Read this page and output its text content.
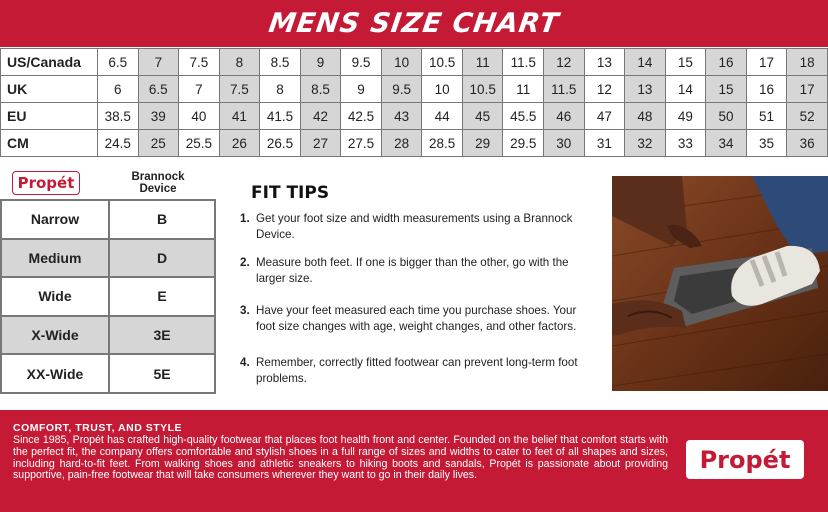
MENS SIZE CHART
US/Canada	6.5	7	7.5	8	8.5	9	9.5	10	10.5	11	11.5	12	13	14	15	16	17	18
UK	6	6.5	7	7.5	8	8.5	9	9.5	10	10.5	11	11.5	12	13	14	15	16	17
EU	38.5	39	40	41	41.5	42	42.5	43	44	45	45.5	46	47	48	49	50	51	52
CM	24.5	25	25.5	26	26.5	27	27.5	28	28.5	29	29.5	30	31	32	33	34	35	36
Propét	Brannock Device
Narrow	B
Medium	D
Wide	E
X-Wide	3E
XX-Wide	5E
FIT TIPS
1. Get your foot size and width measurements using a Brannock Device.
2. Measure both feet. If one is bigger than the other, go with the larger size.
3. Have your feet measured each time you purchase shoes. Your foot size changes with age, weight changes, and other factors.
4. Remember, correctly fitted footwear can prevent long-term foot problems.
COMFORT, TRUST, AND STYLE
Since 1985, Propét has crafted high-quality footwear that places foot health front and center. Founded on the belief that comfort starts with the perfect fit, the company offers comfortable and stylish shoes in a full range of sizes and widths to cater to feet of all shapes and sizes, including hard-to-fit feet. From walking shoes and athletic sneakers to hiking boots and sandals, Propét is passionate about providing supportive, pain-free footwear that will take consumers wherever they want to go in their daily lives.
Propét
